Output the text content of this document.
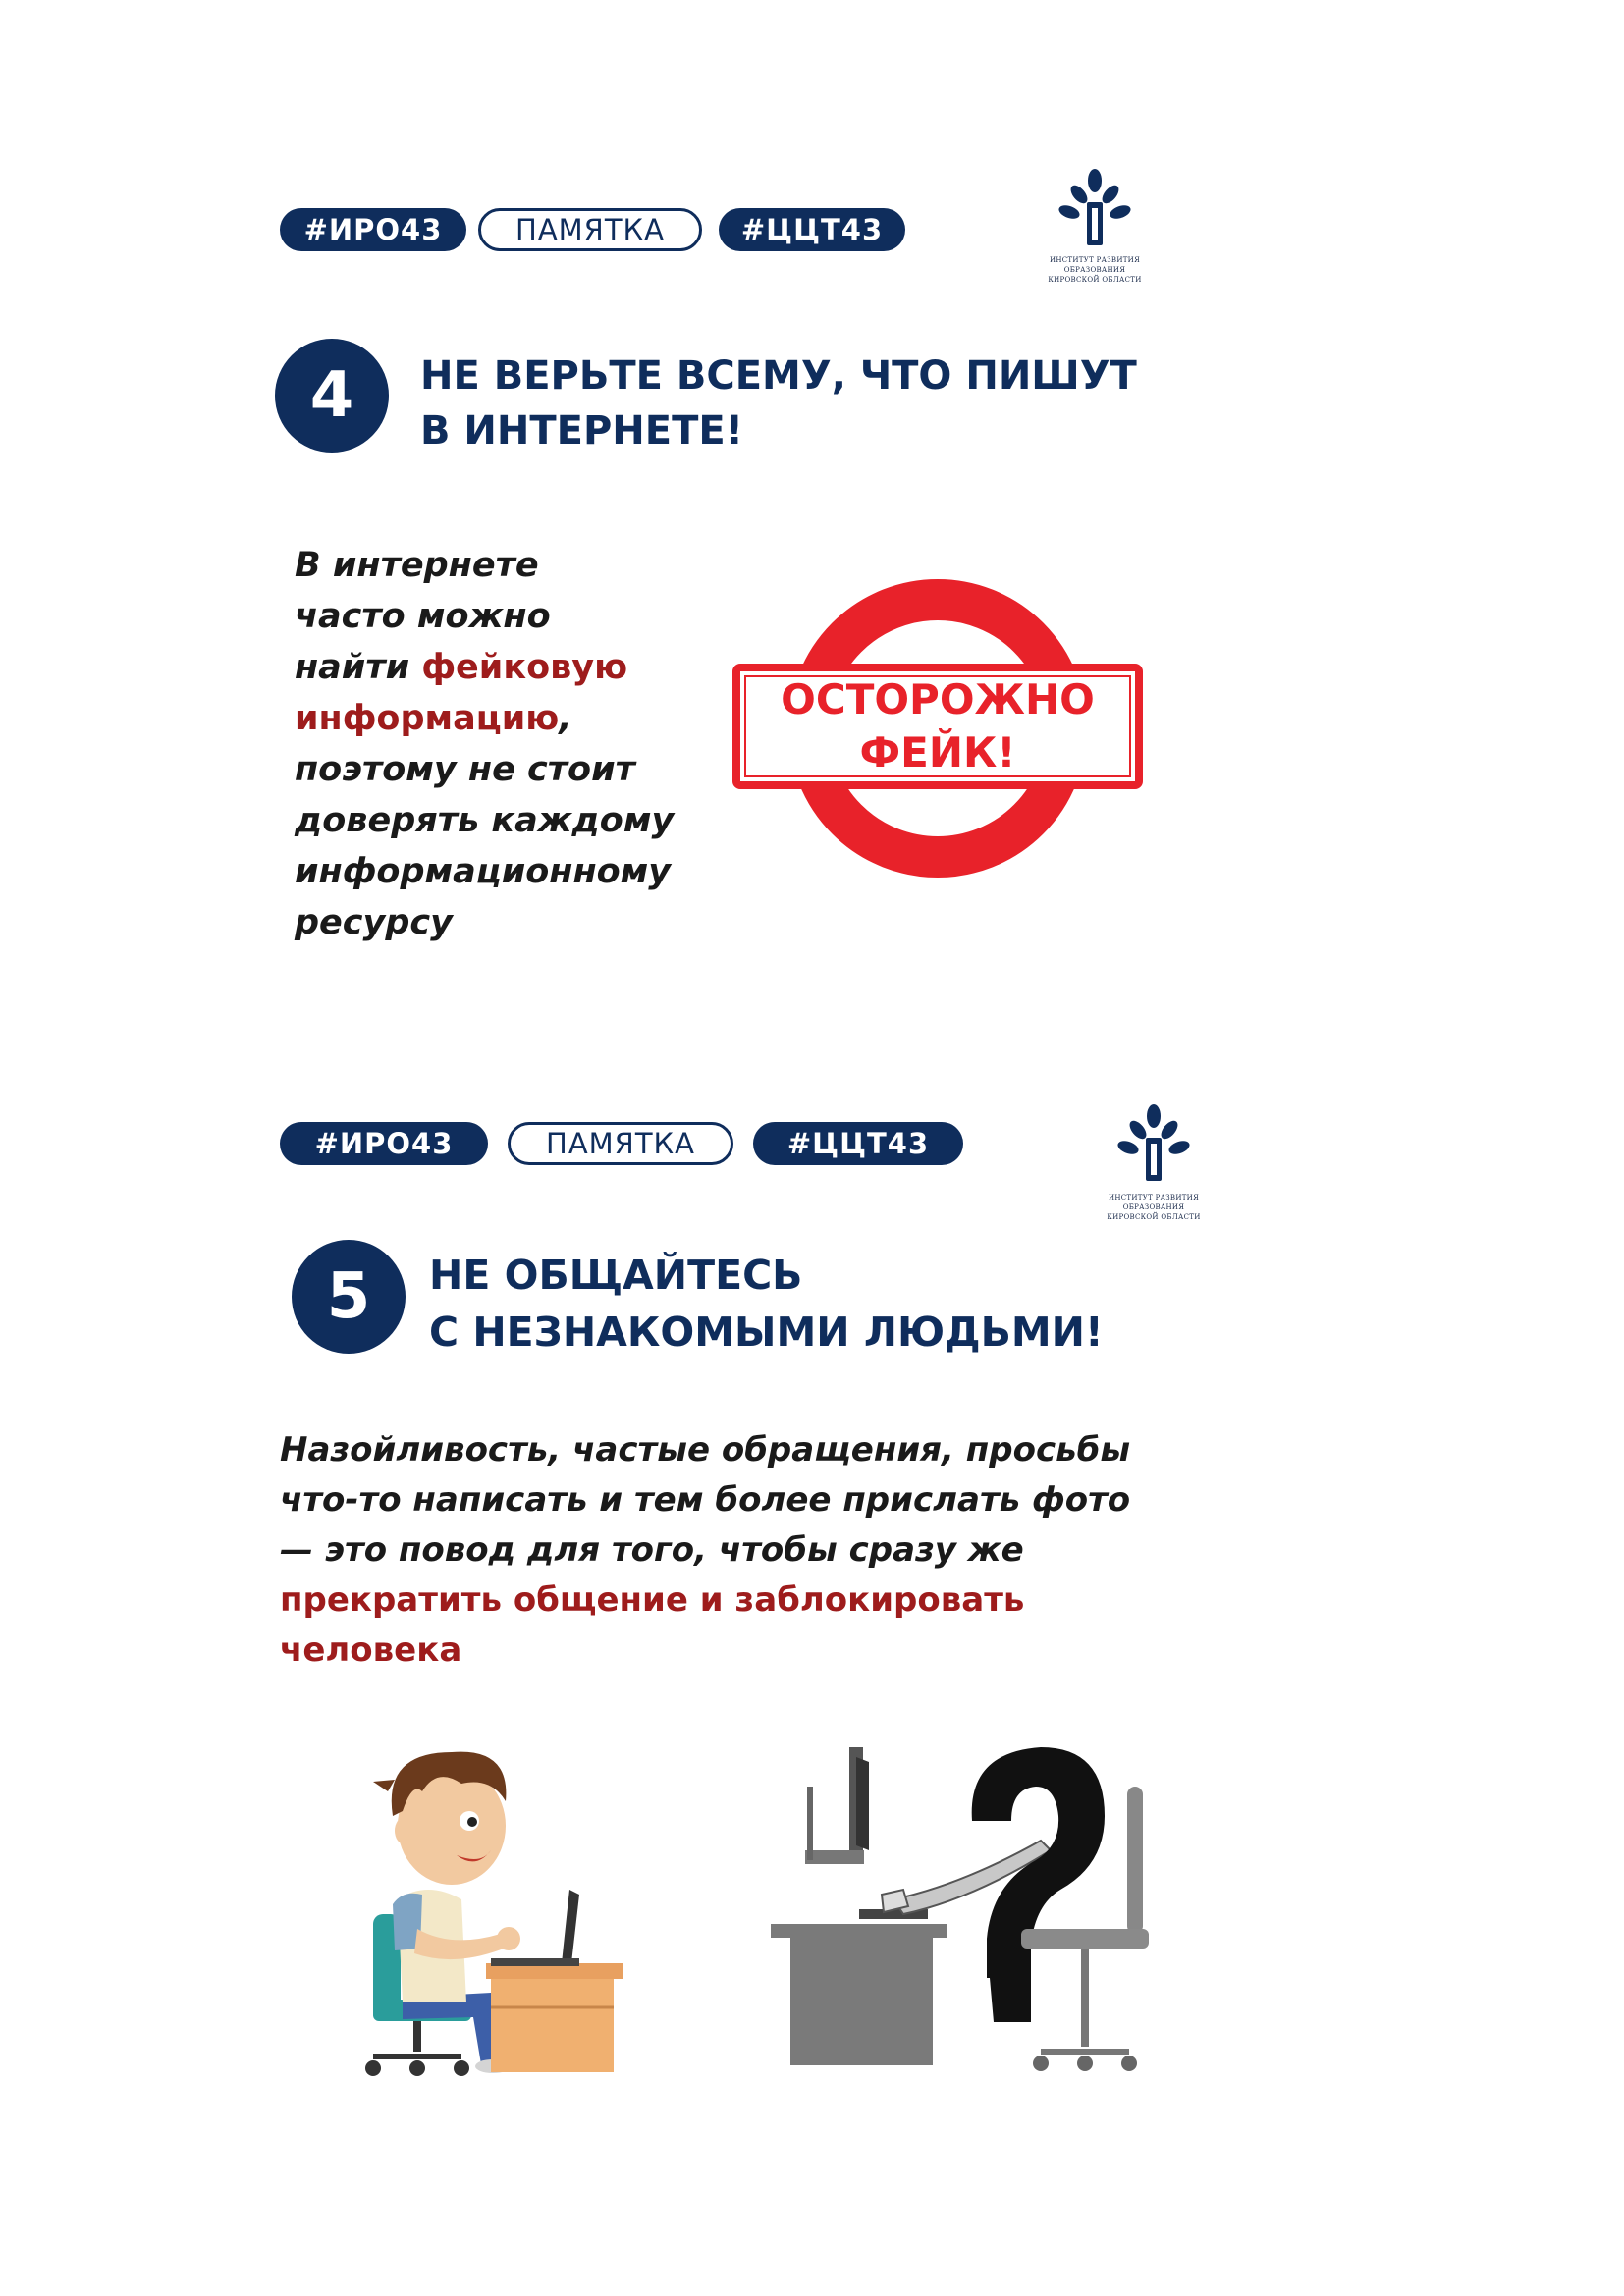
#ИРО43	ПАМЯТКА	#ЦЦТ43
ИНСТИТУТ РАЗВИТИЯ
ОБРАЗОВАНИЯ
КИРОВСКОЙ ОБЛАСТИ
4	НЕ ВЕРЬТЕ ВСЕМУ, ЧТО ПИШУТ
В ИНТЕРНЕТЕ!
В интернете
часто можно
найти фейковую
информацию,
поэтому не стоит
доверять каждому
информационному
ресурсу
ОСТОРОЖНО
ФЕЙК!
#ИРО43	ПАМЯТКА	#ЦЦТ43
ИНСТИТУТ РАЗВИТИЯ
ОБРАЗОВАНИЯ
КИРОВСКОЙ ОБЛАСТИ
5	НЕ ОБЩАЙТЕСЬ
С НЕЗНАКОМЫМИ ЛЮДЬМИ!
Назойливость, частые обращения, просьбы
что-то написать и тем более прислать фото
— это повод для того, чтобы сразу же
прекратить общение и заблокировать
человека
